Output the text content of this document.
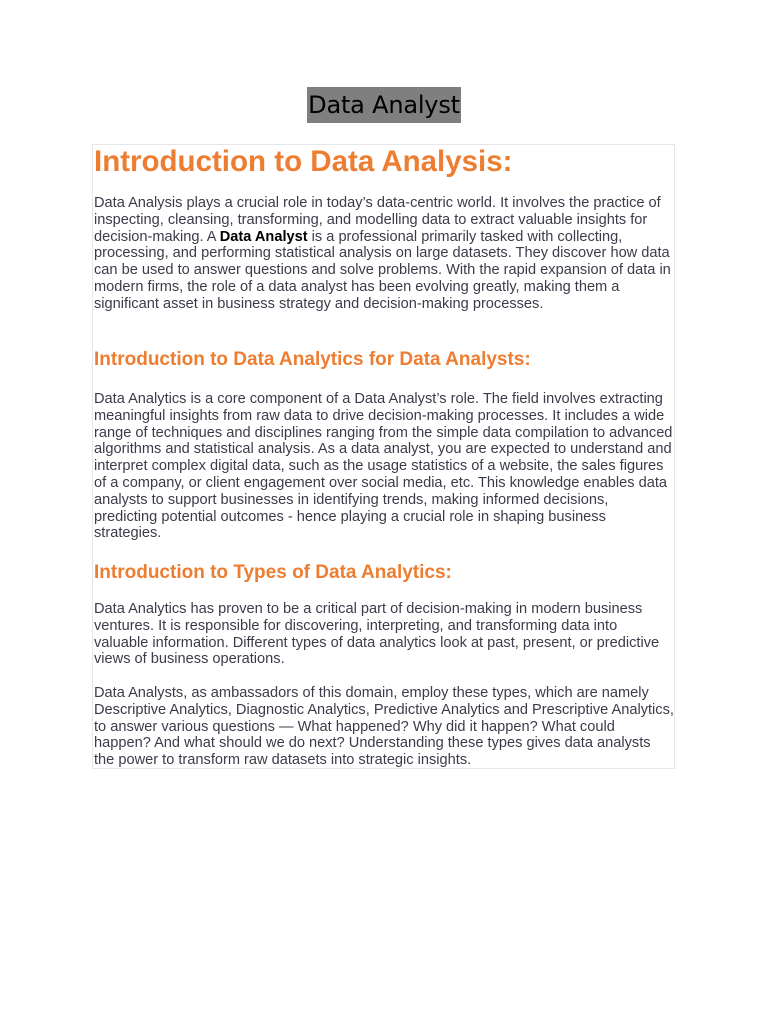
Data Analyst
Introduction to Data Analysis:

Data Analysis plays a crucial role in today’s data-centric world. It involves the practice of inspecting, cleansing, transforming, and modelling data to extract valuable insights for decision-making. A Data Analyst is a professional primarily tasked with collecting, processing, and performing statistical analysis on large datasets. They discover how data can be used to answer questions and solve problems. With the rapid expansion of data in modern firms, the role of a data analyst has been evolving greatly, making them a significant asset in business strategy and decision-making processes.

Introduction to Data Analytics for Data Analysts:

Data Analytics is a core component of a Data Analyst’s role. The field involves extracting meaningful insights from raw data to drive decision-making processes. It includes a wide range of techniques and disciplines ranging from the simple data compilation to advanced algorithms and statistical analysis. As a data analyst, you are expected to understand and interpret complex digital data, such as the usage statistics of a website, the sales figures of a company, or client engagement over social media, etc. This knowledge enables data analysts to support businesses in identifying trends, making informed decisions, predicting potential outcomes - hence playing a crucial role in shaping business strategies.

Introduction to Types of Data Analytics:

Data Analytics has proven to be a critical part of decision-making in modern business ventures. It is responsible for discovering, interpreting, and transforming data into valuable information. Different types of data analytics look at past, present, or predictive views of business operations.

Data Analysts, as ambassadors of this domain, employ these types, which are namely Descriptive Analytics, Diagnostic Analytics, Predictive Analytics and Prescriptive Analytics, to answer various questions — What happened? Why did it happen? What could happen? And what should we do next? Understanding these types gives data analysts the power to transform raw datasets into strategic insights.
